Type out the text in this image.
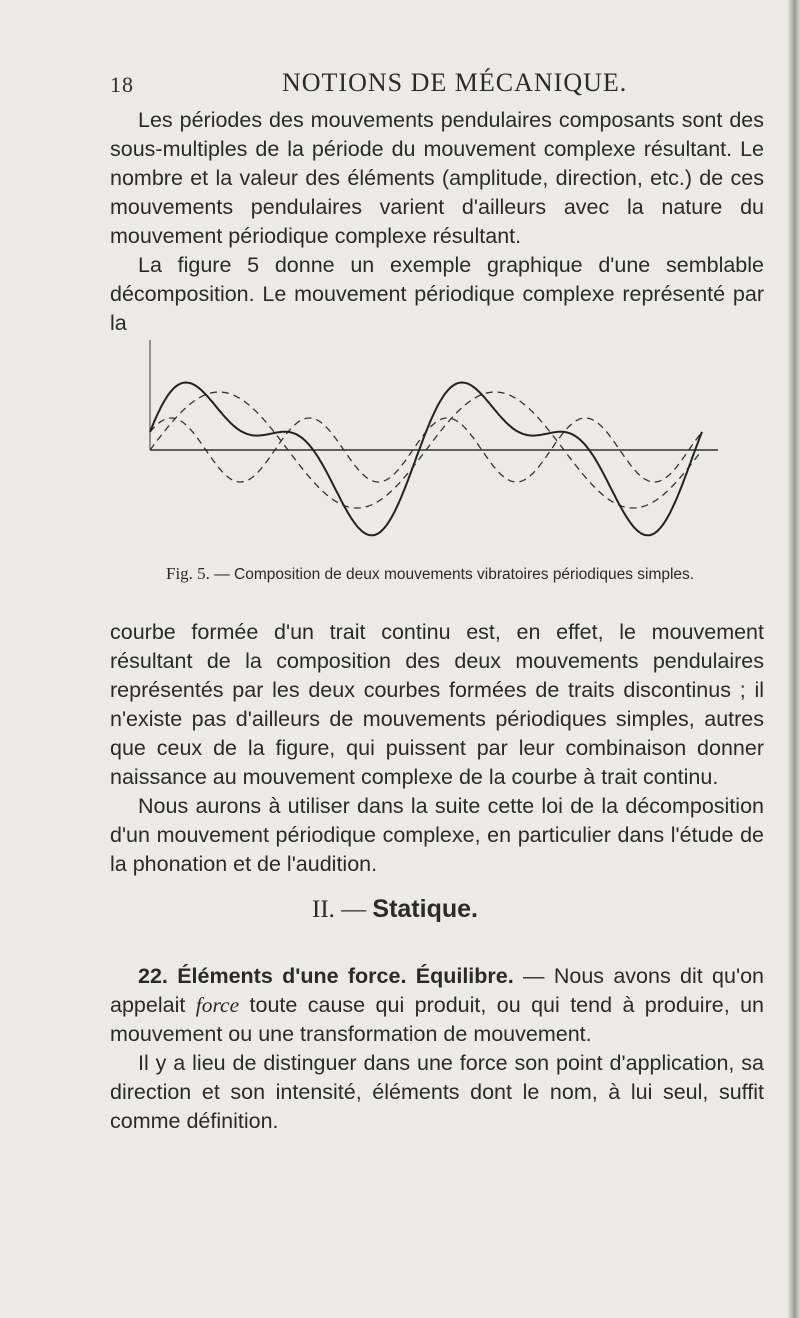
18	NOTIONS DE MÉCANIQUE.

Les périodes des mouvements pendulaires composants sont des sous-multiples de la période du mouvement complexe résultant. Le nombre et la valeur des éléments (amplitude, direction, etc.) de ces mouvements pendulaires varient d'ailleurs avec la nature du mouvement périodique complexe résultant.

La figure 5 donne un exemple graphique d'une semblable décomposition. Le mouvement périodique complexe représenté par la

Fig. 5. — Composition de deux mouvements vibratoires périodiques simples.

courbe formée d'un trait continu est, en effet, le mouvement résultant de la composition des deux mouvements pendulaires représentés par les deux courbes formées de traits discontinus ; il n'existe pas d'ailleurs de mouvements périodiques simples, autres que ceux de la figure, qui puissent par leur combinaison donner naissance au mouvement complexe de la courbe à trait continu.

Nous aurons à utiliser dans la suite cette loi de la décomposition d'un mouvement périodique complexe, en particulier dans l'étude de la phonation et de l'audition.

II. — Statique.

22. Éléments d'une force. Équilibre. — Nous avons dit qu'on appelait force toute cause qui produit, ou qui tend à produire, un mouvement ou une transformation de mouvement.

Il y a lieu de distinguer dans une force son point d'application, sa direction et son intensité, éléments dont le nom, à lui seul, suffit comme définition.
